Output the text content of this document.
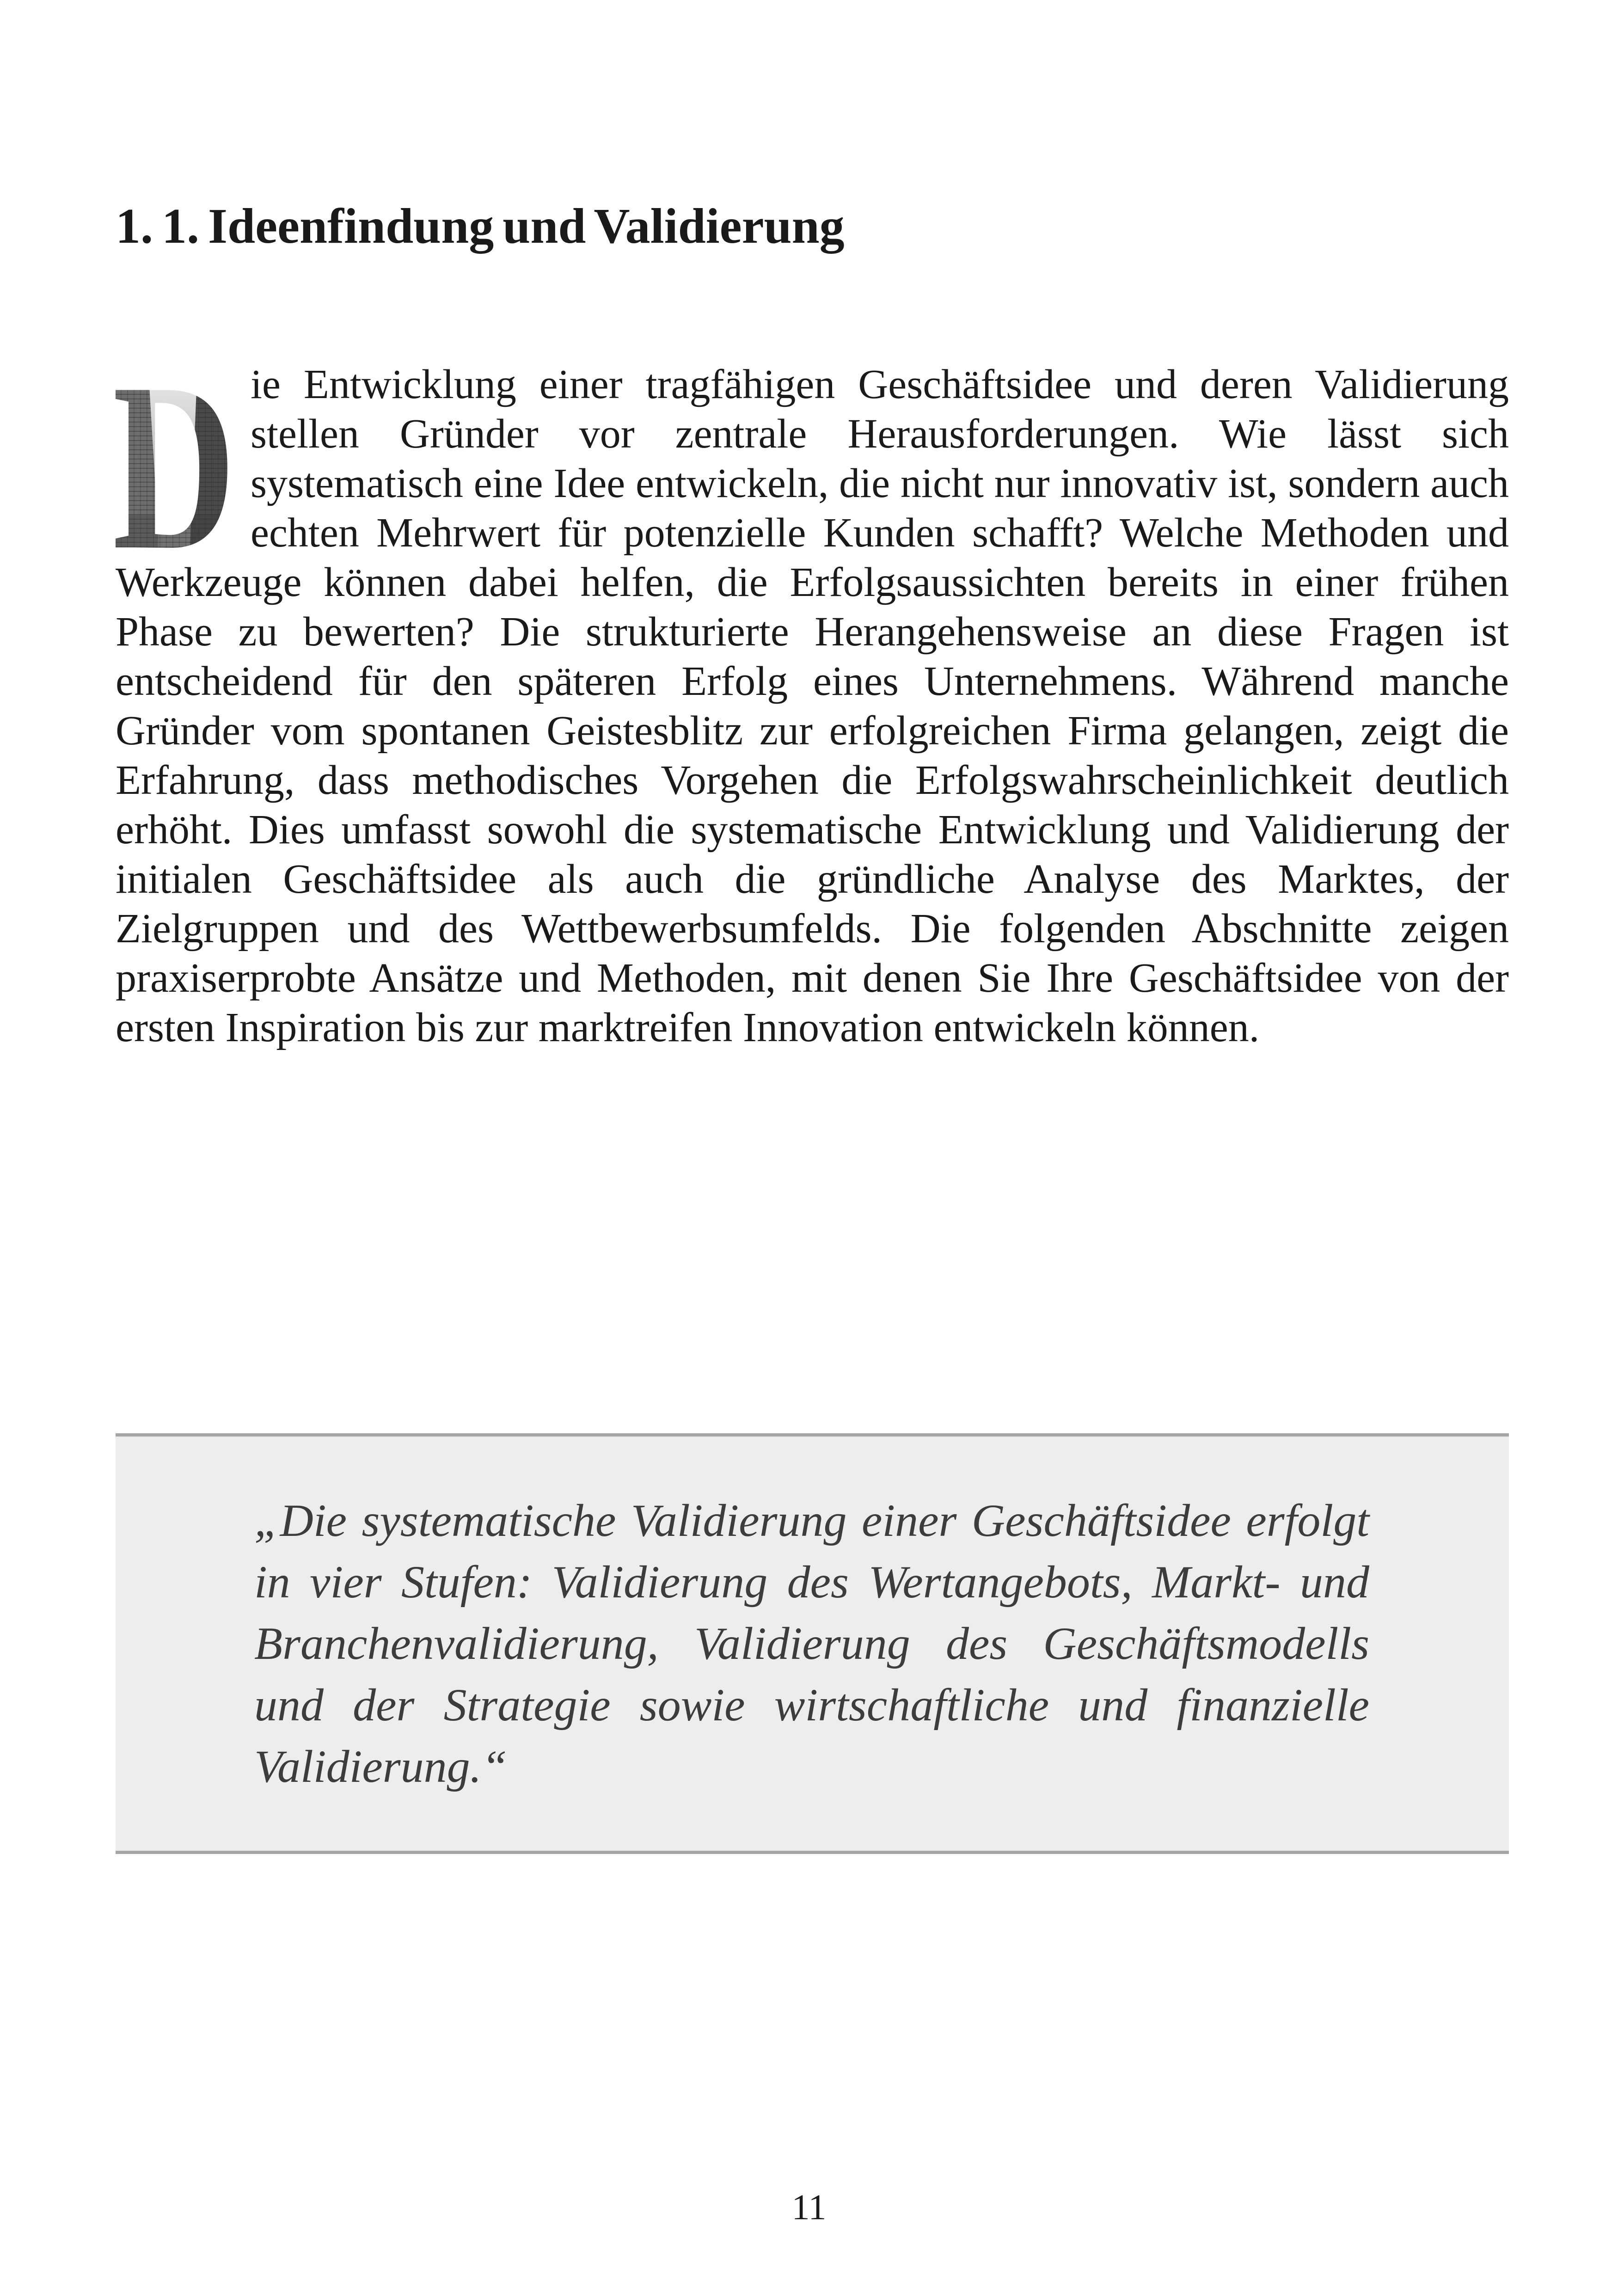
1. 1. Ideenfindung und Validierung

ie Entwicklung einer tragfähigen Geschäftsidee und deren Validierung stellen Gründer vor zentrale Herausforderungen. Wie lässt sich systematisch eine Idee entwickeln, die nicht nur innovativ ist, sondern auch echten Mehrwert für potenzielle Kunden schafft? Welche Methoden und Werkzeuge können dabei helfen, die Erfolgsaussichten bereits in einer frühen Phase zu bewerten? Die strukturierte Herangehensweise an diese Fragen ist entscheidend für den späteren Erfolg eines Unternehmens. Während manche Gründer vom spontanen Geistesblitz zur erfolgreichen Firma gelangen, zeigt die Erfahrung, dass methodisches Vorgehen die Erfolgswahrscheinlichkeit deutlich erhöht. Dies umfasst sowohl die systematische Entwicklung und Validierung der initialen Geschäftsidee als auch die gründliche Analyse des Marktes, der Zielgruppen und des Wettbewerbsumfelds. Die folgenden Abschnitte zeigen praxiserprobte Ansätze und Methoden, mit denen Sie Ihre Geschäftsidee von der ersten Inspiration bis zur marktreifen Innovation entwickeln können.

„Die systematische Validierung einer Geschäftsidee erfolgt in vier Stufen: Validierung des Wertangebots, Markt- und Branchenvalidierung, Validierung des Geschäftsmodells und der Strategie sowie wirtschaftliche und finanzielle Validierung.“

11
